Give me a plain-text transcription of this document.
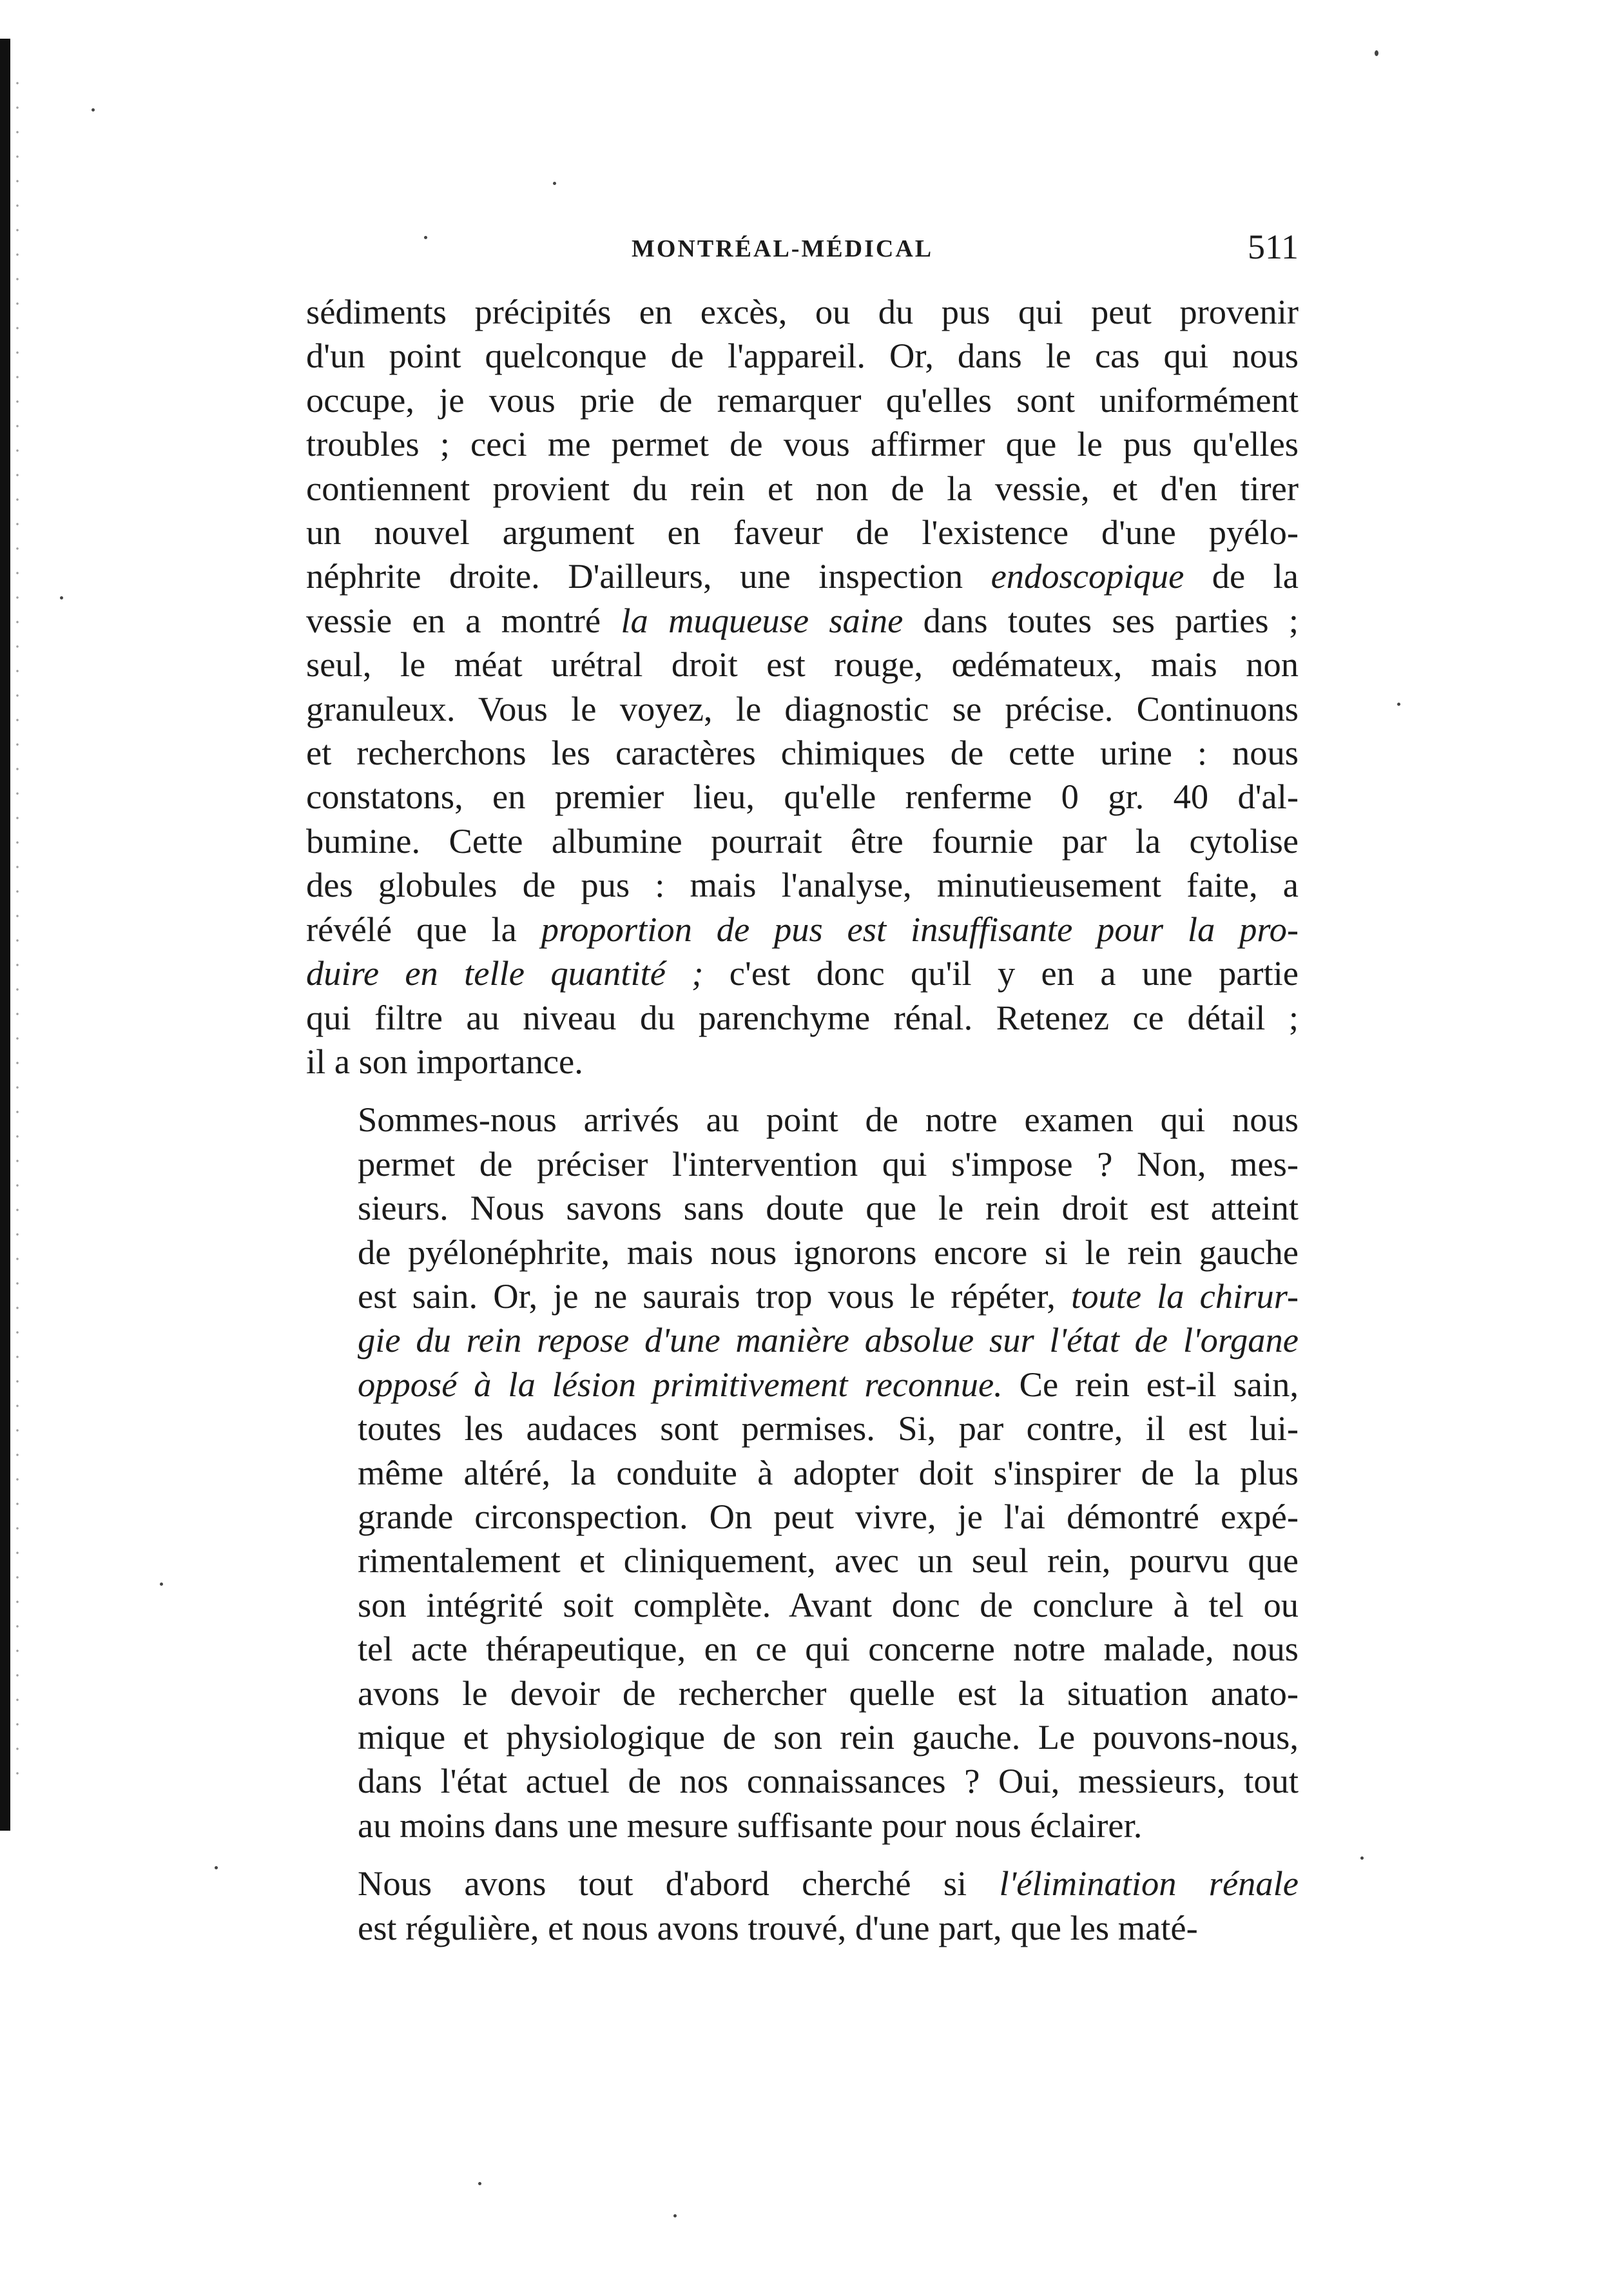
MONTRÉAL-MÉDICAL	511

sédiments précipités en excès, ou du pus qui peut provenir
d'un point quelconque de l'appareil. Or, dans le cas qui nous
occupe, je vous prie de remarquer qu'elles sont uniformément
troubles ; ceci me permet de vous affirmer que le pus qu'elles
contiennent provient du rein et non de la vessie, et d'en tirer
un nouvel argument en faveur de l'existence d'une pyélo-
néphrite droite. D'ailleurs, une inspection endoscopique de la
vessie en a montré la muqueuse saine dans toutes ses parties ;
seul, le méat urétral droit est rouge, œdémateux, mais non
granuleux. Vous le voyez, le diagnostic se précise. Continuons
et recherchons les caractères chimiques de cette urine : nous
constatons, en premier lieu, qu'elle renferme 0 gr. 40 d'al-
bumine. Cette albumine pourrait être fournie par la cytolise
des globules de pus : mais l'analyse, minutieusement faite, a
révélé que la proportion de pus est insuffisante pour la pro-
duire en telle quantité ; c'est donc qu'il y en a une partie
qui filtre au niveau du parenchyme rénal. Retenez ce détail ;
il a son importance.

Sommes-nous arrivés au point de notre examen qui nous
permet de préciser l'intervention qui s'impose ? Non, mes-
sieurs. Nous savons sans doute que le rein droit est atteint
de pyélonéphrite, mais nous ignorons encore si le rein gauche
est sain. Or, je ne saurais trop vous le répéter, toute la chirur-
gie du rein repose d'une manière absolue sur l'état de l'organe
opposé à la lésion primitivement reconnue. Ce rein est-il sain,
toutes les audaces sont permises. Si, par contre, il est lui-
même altéré, la conduite à adopter doit s'inspirer de la plus
grande circonspection. On peut vivre, je l'ai démontré expé-
rimentalement et cliniquement, avec un seul rein, pourvu que
son intégrité soit complète. Avant donc de conclure à tel ou
tel acte thérapeutique, en ce qui concerne notre malade, nous
avons le devoir de rechercher quelle est la situation anato-
mique et physiologique de son rein gauche. Le pouvons-nous,
dans l'état actuel de nos connaissances ? Oui, messieurs, tout
au moins dans une mesure suffisante pour nous éclairer.

Nous avons tout d'abord cherché si l'élimination rénale
est régulière, et nous avons trouvé, d'une part, que les maté-
